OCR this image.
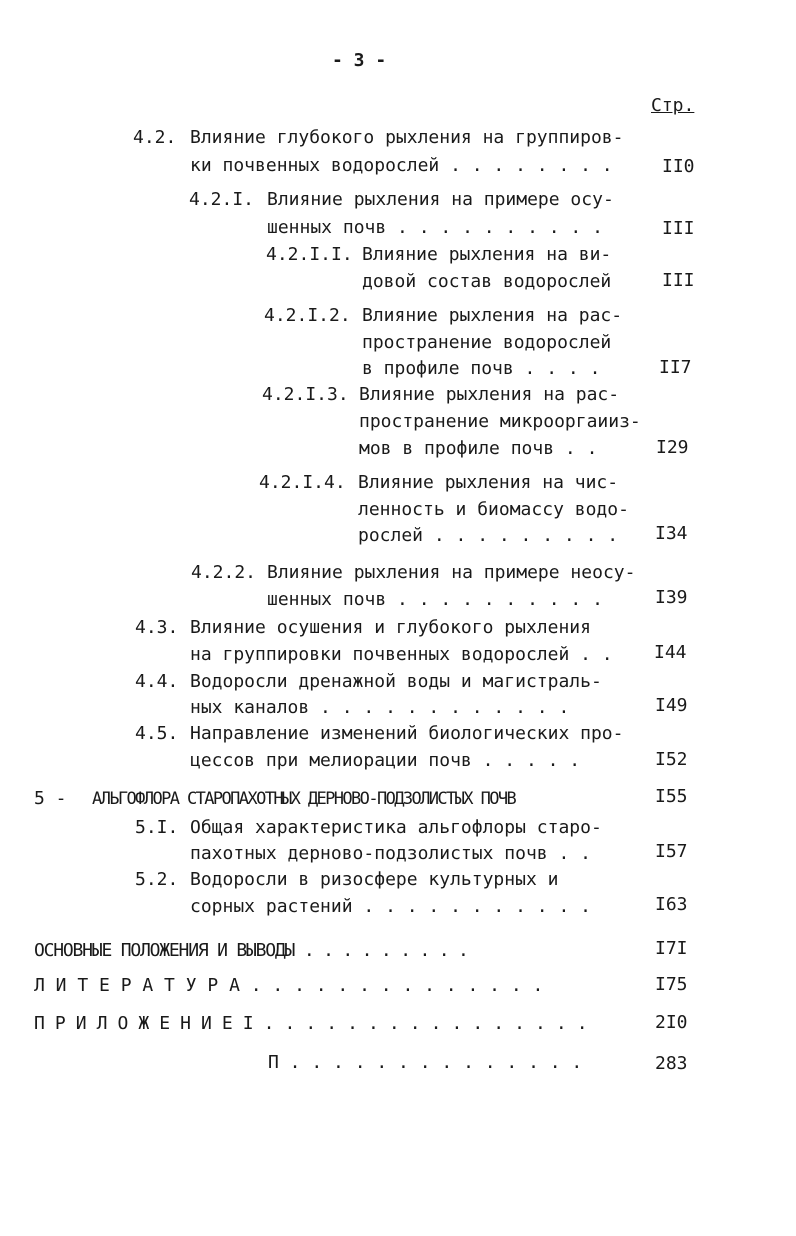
- 3 -
Стр.
4.2. Влияние глубокого рыхления на группиров-
ки почвенных водорослей . . . . . . . .	II0
4.2.I. Влияние рыхления на примере осу-
шенных почв . . . . . . . . . .	III
4.2.I.I. Влияние рыхления на ви-
довой состав водорослей	III
4.2.I.2. Влияние рыхления на рас-
пространение водорослей
в профиле почв . . . .	II7
4.2.I.3. Влияние рыхления на рас-
пространение микрооргаииз-
мов в профиле почв . .	I29
4.2.I.4. Влияние рыхления на чис-
ленность и биомассу водо-
рослей . . . . . . . . . I34
4.2.2. Влияние рыхления на примере неосу-
шенных почв . . . . . . . . . .	I39
4.3. Влияние осушения и глубокого рыхления
на группировки почвенных водорослей . . I44
4.4. Водоросли дренажной воды и магистраль-
ных каналов . . . . . . . . . . . .	I49
4.5. Направление изменений биологических про-
цессов при мелиорации почв . . . . .	I52
5 - АЛЬГОФЛОРА СТАРОПАХОТНЫХ ДЕРНОВО-ПОДЗОЛИСТЫХ ПОЧВ	I55
5.I. Общая характеристика альгофлоры старо-
пахотных дерново-подзолистых почв . .	I57
5.2. Водоросли в ризосфере культурных и
сорных растений . . . . . . . . . . .	I63
ОСНОВНЫЕ ПОЛОЖЕНИЯ И ВЫВОДЫ . . . . . . . . .	I7I
Л И Т Е Р А Т У Р А . . . . . . . . . . . . . .	I75
П Р И Л О Ж Е Н И Е I . . . . . . . . . . . . . . . .	2I0
П . . . . . . . . . . . . . .	283
